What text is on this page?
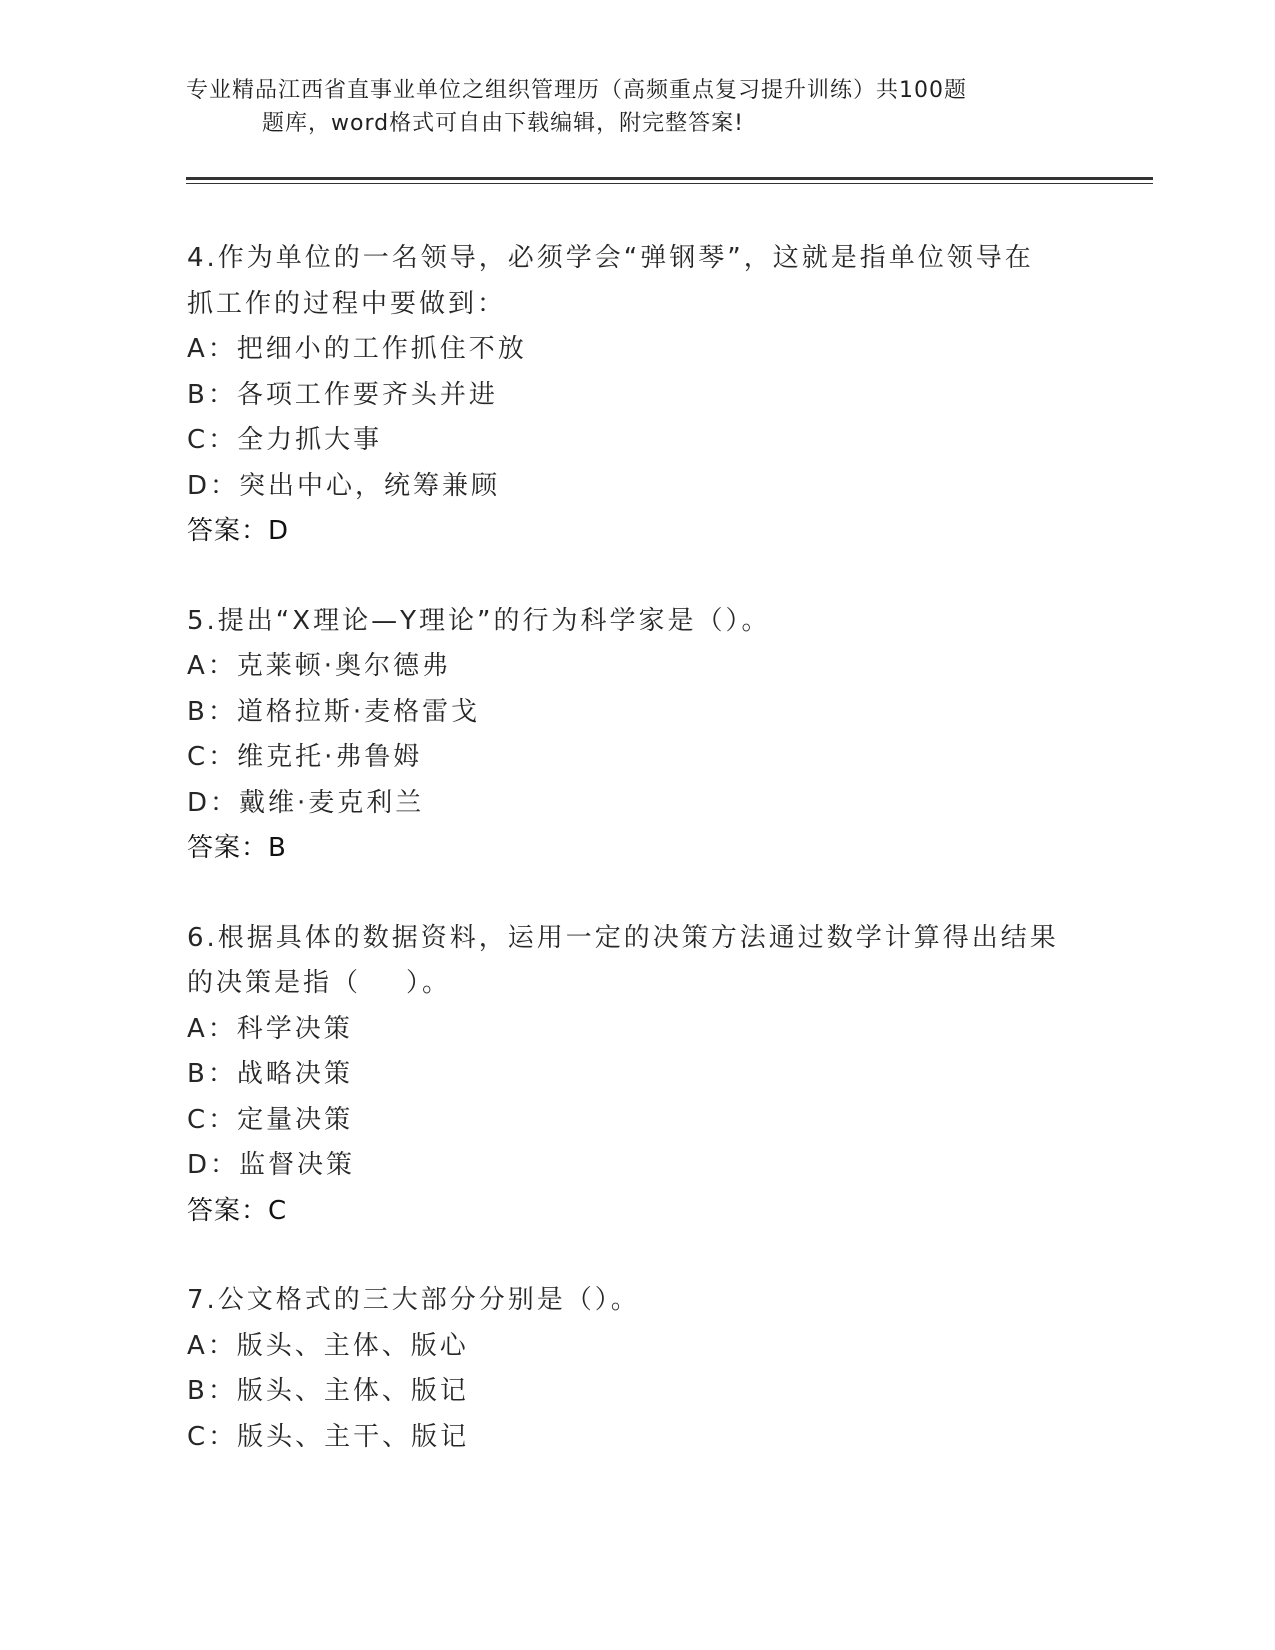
专业精品江西省直事业单位之组织管理历（高频重点复习提升训练）共100题
题库，word格式可自由下载编辑，附完整答案!
4.作为单位的一名领导，必须学会“弹钢琴”，这就是指单位领导在
抓工作的过程中要做到：
A：把细小的工作抓住不放
B：各项工作要齐头并进
C：全力抓大事
D：突出中心，统筹兼顾
答案：D
5.提出“X理论—Y理论”的行为科学家是（）。
A：克莱顿·奥尔德弗
B：道格拉斯·麦格雷戈
C：维克托·弗鲁姆
D：戴维·麦克利兰
答案：B
6.根据具体的数据资料，运用一定的决策方法通过数学计算得出结果
的决策是指（    ）。
A：科学决策
B：战略决策
C：定量决策
D：监督决策
答案：C
7.公文格式的三大部分分别是（）。
A：版头、主体、版心
B：版头、主体、版记
C：版头、主干、版记
